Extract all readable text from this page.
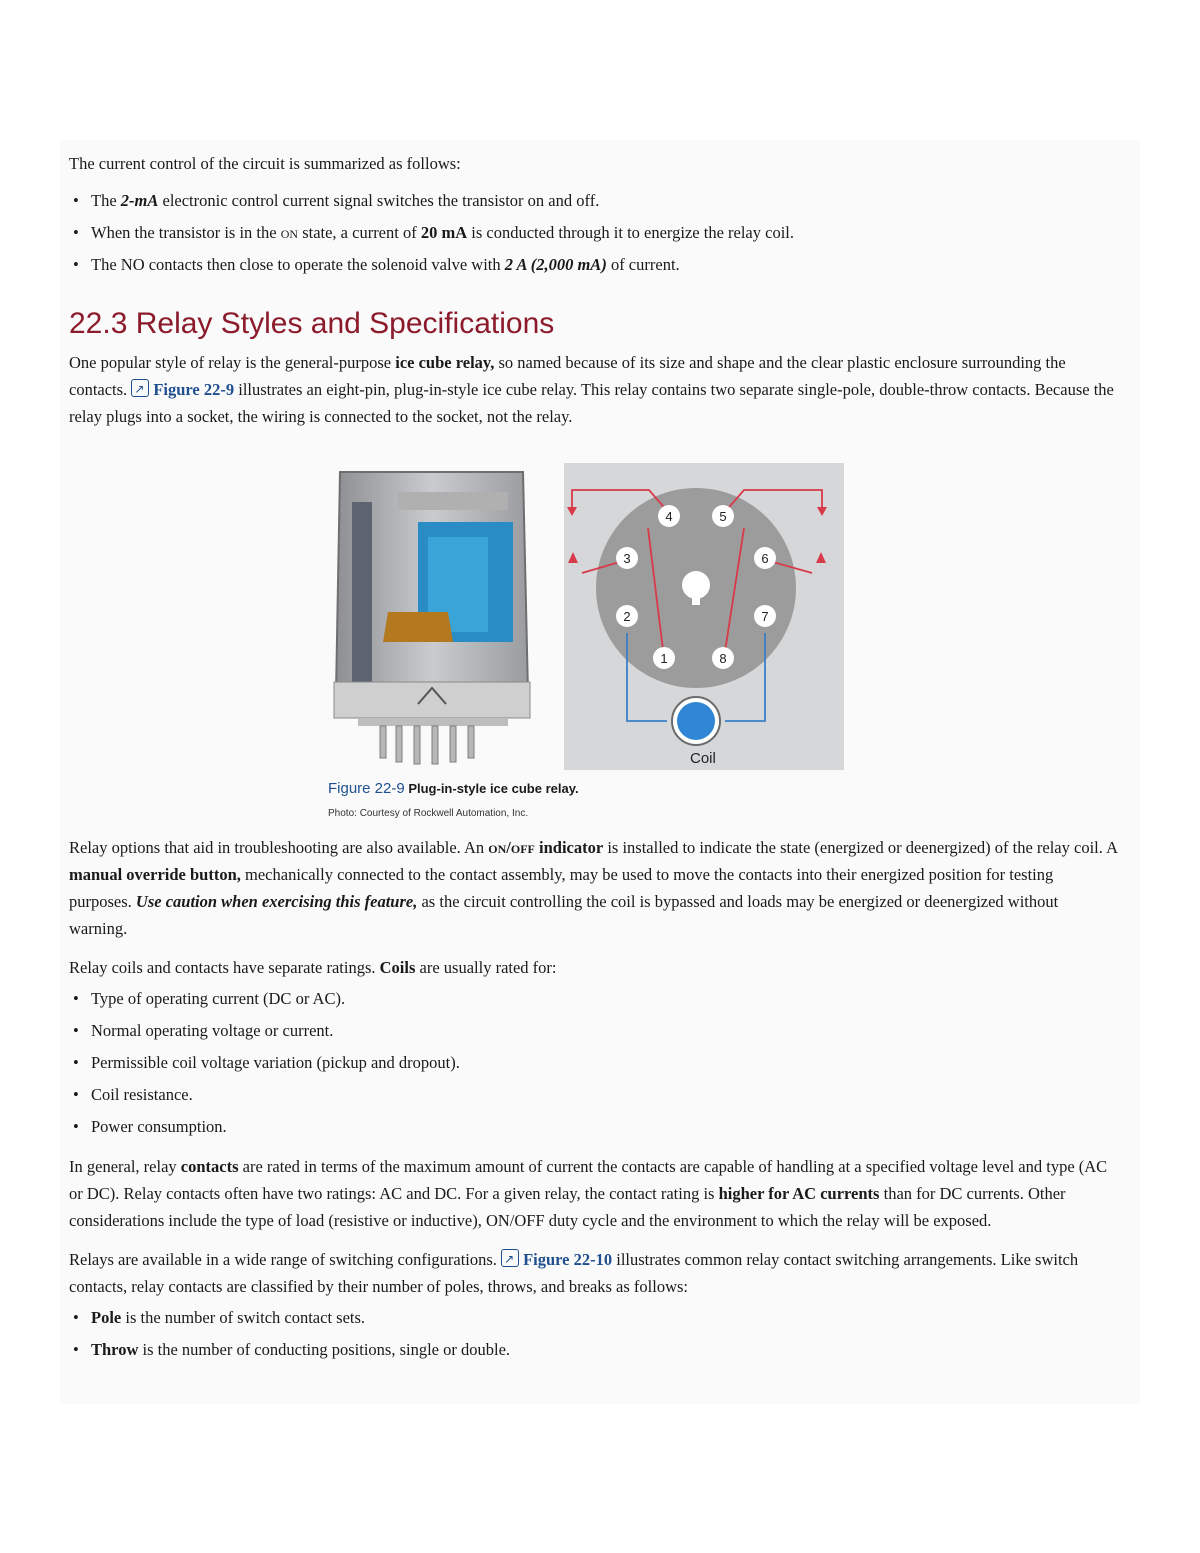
The current control of the circuit is summarized as follows:

• The 2-mA electronic control current signal switches the transistor on and off.
• When the transistor is in the on state, a current of 20 mA is conducted through it to energize the relay coil.
• The NO contacts then close to operate the solenoid valve with 2 A (2,000 mA) of current.
22.3 Relay Styles and Specifications

One popular style of relay is the general-purpose ice cube relay, so named because of its size and shape and the clear plastic enclosure surrounding the contacts. ↗Figure 22-9 illustrates an eight-pin, plug-in-style ice cube relay. This relay contains two separate single-pole, double-throw contacts. Because the relay plugs into a socket, the wiring is connected to the socket, not the relay.

Coil
1
2
3
4	5
6
7
8
Figure 22-9 Plug-in-style ice cube relay.
Photo: Courtesy of Rockwell Automation, Inc.

Relay options that aid in troubleshooting are also available. An on/off indicator is installed to indicate the state (energized or deenergized) of the relay coil. A manual override button, mechanically connected to the contact assembly, may be used to move the contacts into their energized position for testing purposes. Use caution when exercising this feature, as the circuit controlling the coil is bypassed and loads may be energized or deenergized without warning.

Relay coils and contacts have separate ratings. Coils are usually rated for:

• Type of operating current (DC or AC).
• Normal operating voltage or current.
• Permissible coil voltage variation (pickup and dropout).
• Coil resistance.
• Power consumption.

In general, relay contacts are rated in terms of the maximum amount of current the contacts are capable of handling at a specified voltage level and type (AC or DC). Relay contacts often have two ratings: AC and DC. For a given relay, the contact rating is higher for AC currents than for DC currents. Other considerations include the type of load (resistive or inductive), ON/OFF duty cycle and the environment to which the relay will be exposed.

Relays are available in a wide range of switching configurations. ↗Figure 22-10 illustrates common relay contact switching arrangements. Like switch contacts, relay contacts are classified by their number of poles, throws, and breaks as follows:

• Pole is the number of switch contact sets.
• Throw is the number of conducting positions, single or double.
